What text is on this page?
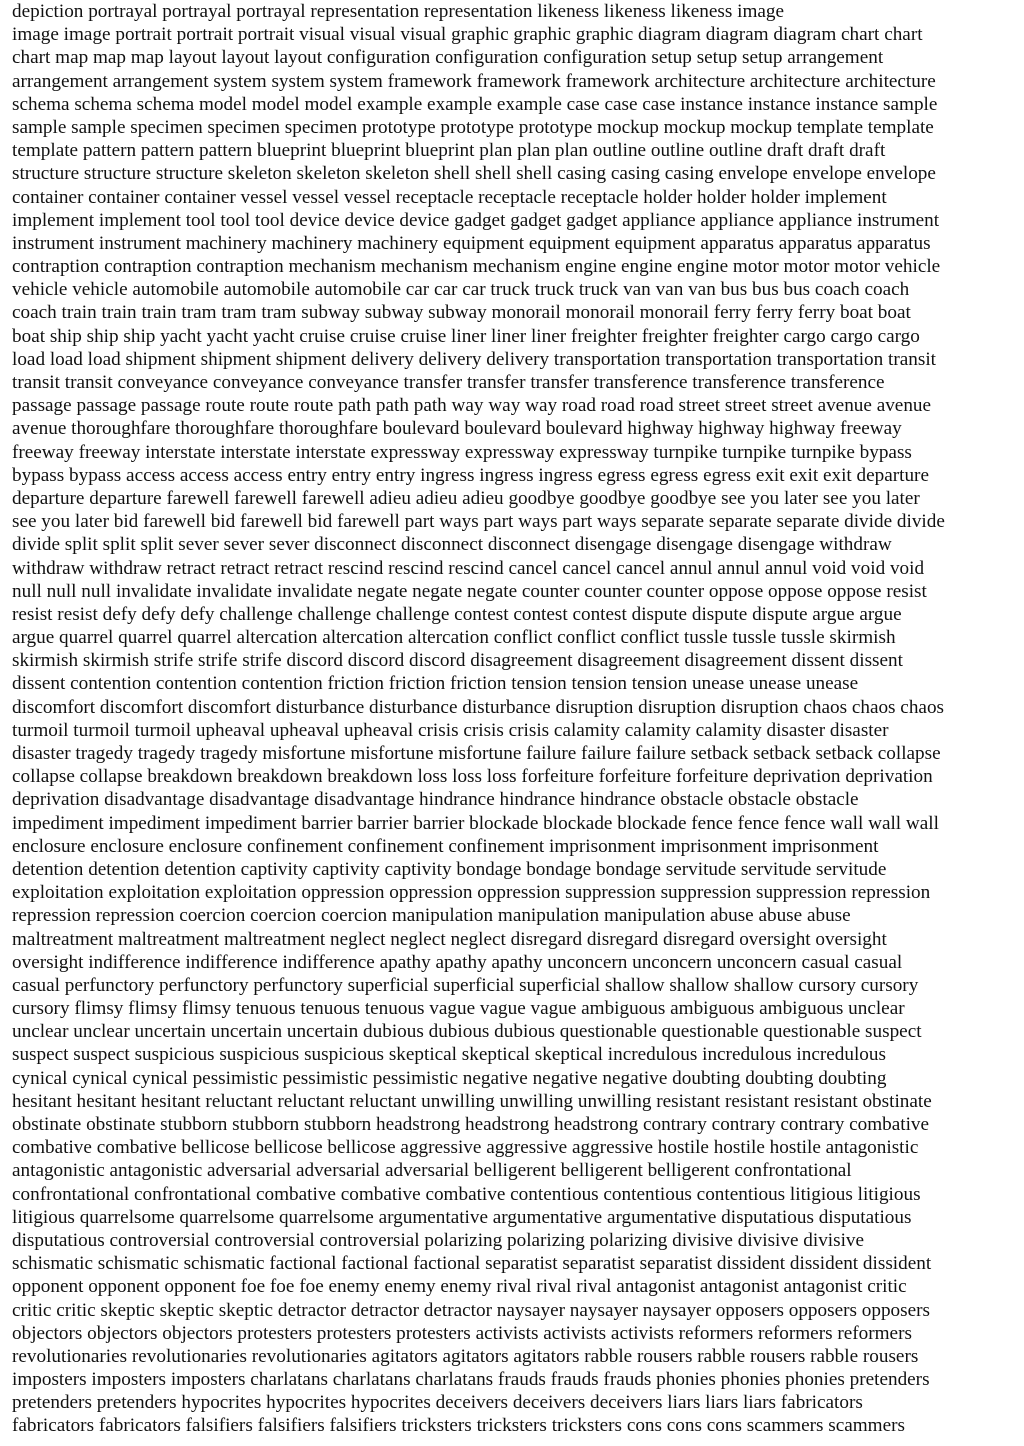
depiction portrayal portrayal portrayal representation representation likeness likeness likeness image
image image portrait portrait portrait visual visual visual graphic graphic graphic diagram diagram diagram chart chart
chart map map map layout layout layout configuration configuration configuration setup setup setup arrangement
arrangement arrangement system system system framework framework framework architecture architecture architecture
schema schema schema model model model example example example case case case instance instance instance sample
sample sample specimen specimen specimen prototype prototype prototype mockup mockup mockup template template
template pattern pattern pattern blueprint blueprint blueprint plan plan plan outline outline outline draft draft draft
structure structure structure skeleton skeleton skeleton shell shell shell casing casing casing envelope envelope envelope
container container container vessel vessel vessel receptacle receptacle receptacle holder holder holder implement
implement implement tool tool tool device device device gadget gadget gadget appliance appliance appliance instrument
instrument instrument machinery machinery machinery equipment equipment equipment apparatus apparatus apparatus
contraption contraption contraption mechanism mechanism mechanism engine engine engine motor motor motor vehicle
vehicle vehicle automobile automobile automobile car car car truck truck truck van van van bus bus bus coach coach
coach train train train tram tram tram subway subway subway monorail monorail monorail ferry ferry ferry boat boat
boat ship ship ship yacht yacht yacht cruise cruise cruise liner liner liner freighter freighter freighter cargo cargo cargo
load load load shipment shipment shipment delivery delivery delivery transportation transportation transportation transit
transit transit conveyance conveyance conveyance transfer transfer transfer transference transference transference
passage passage passage route route route path path path way way way road road road street street street avenue avenue
avenue thoroughfare thoroughfare thoroughfare boulevard boulevard boulevard highway highway highway freeway
freeway freeway interstate interstate interstate expressway expressway expressway turnpike turnpike turnpike bypass
bypass bypass access access access entry entry entry ingress ingress ingress egress egress egress exit exit exit departure
departure departure farewell farewell farewell adieu adieu adieu goodbye goodbye goodbye see you later see you later
see you later bid farewell bid farewell bid farewell part ways part ways part ways separate separate separate divide divide
divide split split split sever sever sever disconnect disconnect disconnect disengage disengage disengage withdraw
withdraw withdraw retract retract retract rescind rescind rescind cancel cancel cancel annul annul annul void void void
null null null invalidate invalidate invalidate negate negate negate counter counter counter oppose oppose oppose resist
resist resist defy defy defy challenge challenge challenge contest contest contest dispute dispute dispute argue argue
argue quarrel quarrel quarrel altercation altercation altercation conflict conflict conflict tussle tussle tussle skirmish
skirmish skirmish strife strife strife discord discord discord disagreement disagreement disagreement dissent dissent
dissent contention contention contention friction friction friction tension tension tension unease unease unease
discomfort discomfort discomfort disturbance disturbance disturbance disruption disruption disruption chaos chaos chaos
turmoil turmoil turmoil upheaval upheaval upheaval crisis crisis crisis calamity calamity calamity disaster disaster
disaster tragedy tragedy tragedy misfortune misfortune misfortune failure failure failure setback setback setback collapse
collapse collapse breakdown breakdown breakdown loss loss loss forfeiture forfeiture forfeiture deprivation deprivation
deprivation disadvantage disadvantage disadvantage hindrance hindrance hindrance obstacle obstacle obstacle
impediment impediment impediment barrier barrier barrier blockade blockade blockade fence fence fence wall wall wall
enclosure enclosure enclosure confinement confinement confinement imprisonment imprisonment imprisonment
detention detention detention captivity captivity captivity bondage bondage bondage servitude servitude servitude
exploitation exploitation exploitation oppression oppression oppression suppression suppression suppression repression
repression repression coercion coercion coercion manipulation manipulation manipulation abuse abuse abuse
maltreatment maltreatment maltreatment neglect neglect neglect disregard disregard disregard oversight oversight
oversight indifference indifference indifference apathy apathy apathy unconcern unconcern unconcern casual casual
casual perfunctory perfunctory perfunctory superficial superficial superficial shallow shallow shallow cursory cursory
cursory flimsy flimsy flimsy tenuous tenuous tenuous vague vague vague ambiguous ambiguous ambiguous unclear
unclear unclear uncertain uncertain uncertain dubious dubious dubious questionable questionable questionable suspect
suspect suspect suspicious suspicious suspicious skeptical skeptical skeptical incredulous incredulous incredulous
cynical cynical cynical pessimistic pessimistic pessimistic negative negative negative doubting doubting doubting
hesitant hesitant hesitant reluctant reluctant reluctant unwilling unwilling unwilling resistant resistant resistant obstinate
obstinate obstinate stubborn stubborn stubborn headstrong headstrong headstrong contrary contrary contrary combative
combative combative bellicose bellicose bellicose aggressive aggressive aggressive hostile hostile hostile antagonistic
antagonistic antagonistic adversarial adversarial adversarial belligerent belligerent belligerent confrontational
confrontational confrontational combative combative combative contentious contentious contentious litigious litigious
litigious quarrelsome quarrelsome quarrelsome argumentative argumentative argumentative disputatious disputatious
disputatious controversial controversial controversial polarizing polarizing polarizing divisive divisive divisive
schismatic schismatic schismatic factional factional factional separatist separatist separatist dissident dissident dissident
opponent opponent opponent foe foe foe enemy enemy enemy rival rival rival antagonist antagonist antagonist critic
critic critic skeptic skeptic skeptic detractor detractor detractor naysayer naysayer naysayer opposers opposers opposers
objectors objectors objectors protesters protesters protesters activists activists activists reformers reformers reformers
revolutionaries revolutionaries revolutionaries agitators agitators agitators rabble rousers rabble rousers rabble rousers
imposters imposters imposters charlatans charlatans charlatans frauds frauds frauds phonies phonies phonies pretenders
pretenders pretenders hypocrites hypocrites hypocrites deceivers deceivers deceivers liars liars liars fabricators
fabricators fabricators falsifiers falsifiers falsifiers tricksters tricksters tricksters cons cons cons scammers scammers
